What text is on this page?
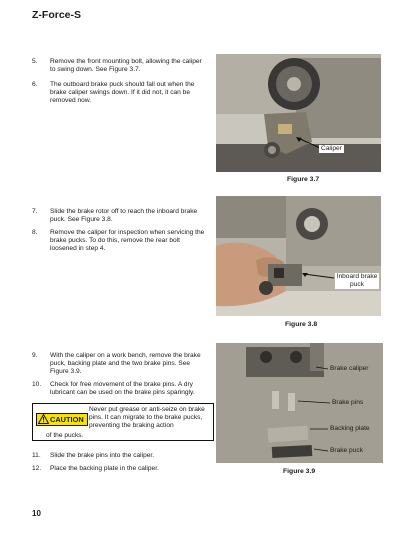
Z-Force-S
5. Remove the front mounting bolt, allowing the caliper to swing down. See Figure 3.7.
6. The outboard brake puck should fall out when the brake caliper swings down. If it did not, it can be removed now.
Caliper
Figure 3.7
7. Slide the brake rotor off to reach the inboard brake puck. See Figure 3.8.
8. Remove the caliper for inspection when servicing the brake pucks. To do this, remove the rear bolt loosened in step 4.
Inboard brake
puck
Figure 3.8
9. With the caliper on a work bench, remove the brake puck, backing plate and the two brake pins. See Figure 3.9.
10. Check for free movement of the brake pins. A dry lubricant can be used on the brake pins sparingly.
CAUTION
Never put grease or anti-seize on brake pins. It can migrate to the brake pucks, preventing the braking action
of the pucks.
11. Slide the brake pins into the caliper.
12. Place the backing plate in the caliper.
Brake caliper
Brake pins
Backing plate
Brake puck
Figure 3.9
10
